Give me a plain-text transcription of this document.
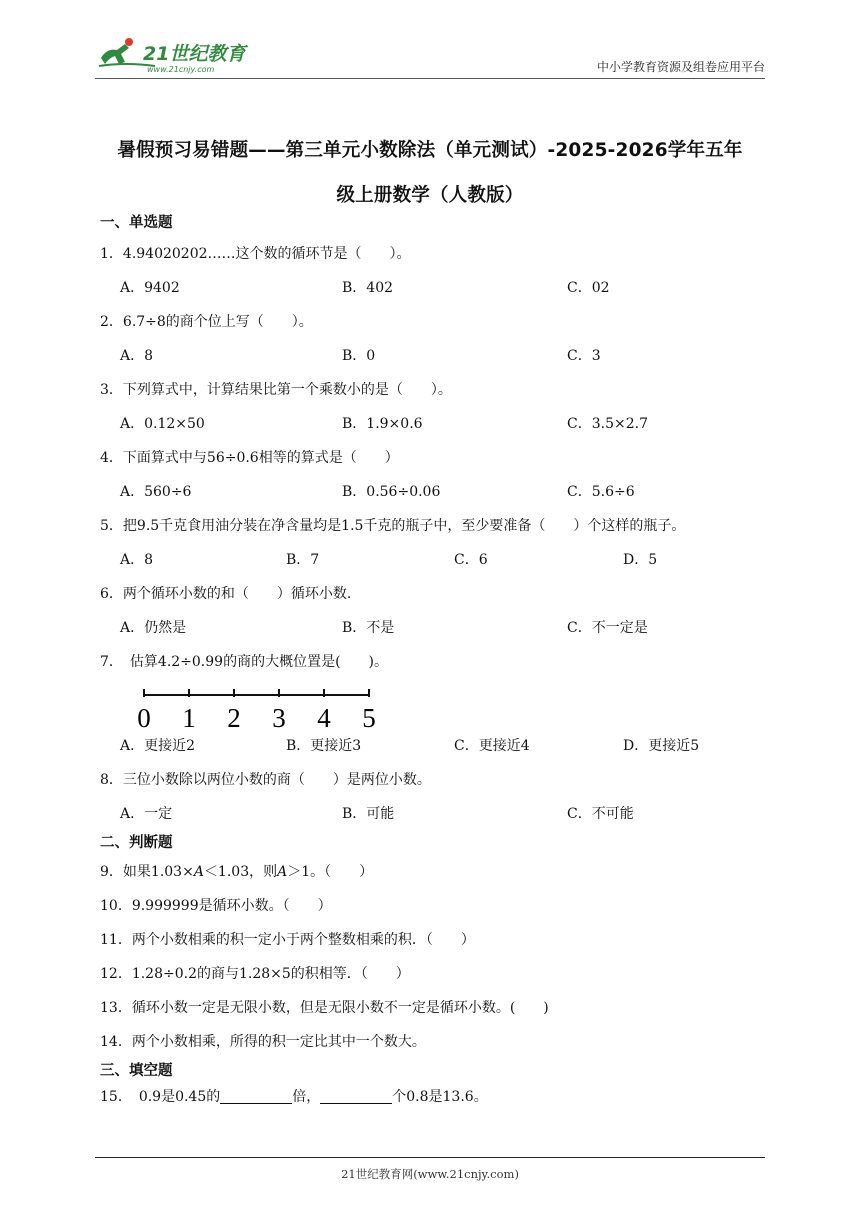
21世纪教育
www.21cnjy.com	中小学教育资源及组卷应用平台
暑假预习易错题——第三单元小数除法（单元测试）-2025-2026学年五年
级上册数学（人教版）
一、单选题
1．4.94020202……这个数的循环节是（　　）。
A．9402	B．402	C．02
2．6.7÷8的商个位上写（　　）。
A．8	B．0	C．3
3．下列算式中，计算结果比第一个乘数小的是（　　）。
A．0.12×50	B．1.9×0.6	C．3.5×2.7
4．下面算式中与56÷0.6相等的算式是（　　）
A．560÷6	B．0.56÷0.06	C．5.6÷6
5．把9.5千克食用油分装在净含量均是1.5千克的瓶子中，至少要准备（　　）个这样的瓶子。
A．8	B．7	C．6	D．5
6．两个循环小数的和（　　）循环小数.
A．仍然是	B．不是	C．不一定是
7．　估算4.2÷0.99的商的大概位置是(　　)。
0 1 2 3 4 5
A．更接近2	B．更接近3	C．更接近4	D．更接近5
8．三位小数除以两位小数的商（　　）是两位小数。
A．一定	B．可能	C．不可能
二、判断题
9．如果1.03×A＜1.03，则A＞1。（　　）
10．9.999999是循环小数。（　　）
11．两个小数相乘的积一定小于两个整数相乘的积．（　　）
12．1.28÷0.2的商与1.28×5的积相等．（　　）
13．循环小数一定是无限小数，但是无限小数不一定是循环小数。(　　)
14．两个小数相乘，所得的积一定比其中一个数大。
三、填空题
15．　0.9是0.45的	倍，	个0.8是13.6。
21世纪教育网(www.21cnjy.com)
